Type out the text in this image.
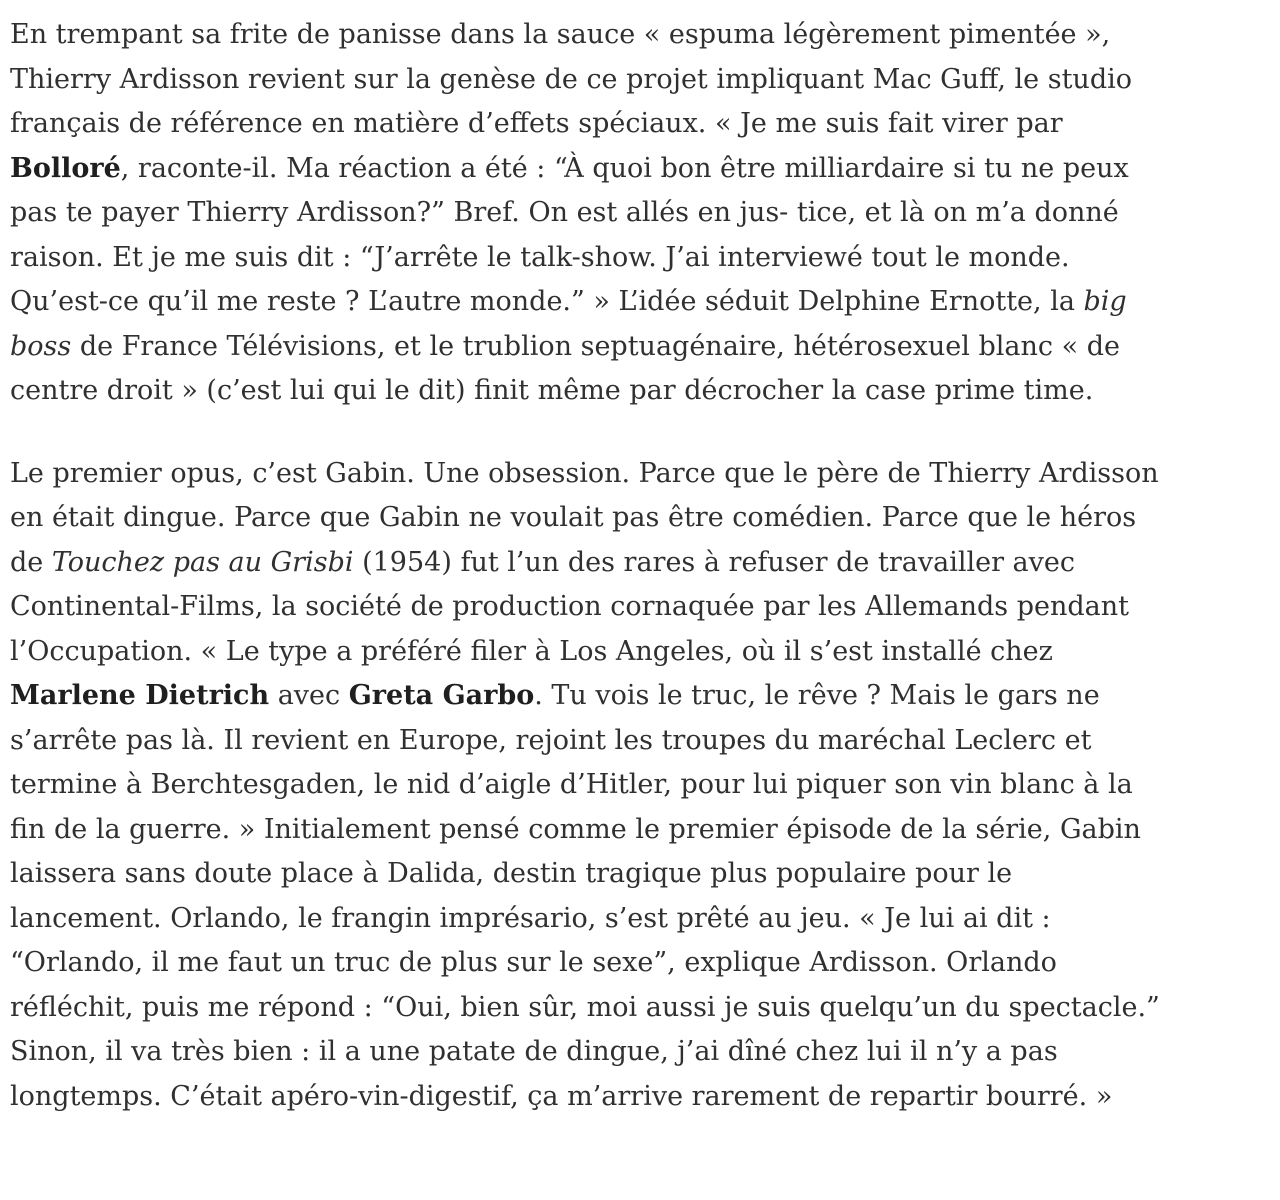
En trempant sa frite de panisse dans la sauce « espuma légèrement pimentée », Thierry Ardisson revient sur la genèse de ce projet impliquant Mac Guff, le studio français de référence en matière d’effets spéciaux. « Je me suis fait virer par Bolloré, raconte-il. Ma réaction a été : “À quoi bon être milliardaire si tu ne peux pas te payer Thierry Ardisson?” Bref. On est allés en jus- tice, et là on m’a donné raison. Et je me suis dit : “J’arrête le talk-show. J’ai interviewé tout le monde. Qu’est-ce qu’il me reste ? L’autre monde.” » L’idée séduit Delphine Ernotte, la big boss de France Télévisions, et le trublion septuagénaire, hétérosexuel blanc « de centre droit » (c’est lui qui le dit) finit même par décrocher la case prime time.

Le premier opus, c’est Gabin. Une obsession. Parce que le père de Thierry Ardisson en était dingue. Parce que Gabin ne voulait pas être comédien. Parce que le héros de Touchez pas au Grisbi (1954) fut l’un des rares à refuser de travailler avec Continental-Films, la société de production cornaquée par les Allemands pendant l’Occupation. « Le type a préféré filer à Los Angeles, où il s’est installé chez Marlene Dietrich avec Greta Garbo. Tu vois le truc, le rêve ? Mais le gars ne s’arrête pas là. Il revient en Europe, rejoint les troupes du maréchal Leclerc et termine à Berchtesgaden, le nid d’aigle d’Hitler, pour lui piquer son vin blanc à la fin de la guerre. » Initialement pensé comme le premier épisode de la série, Gabin laissera sans doute place à Dalida, destin tragique plus populaire pour le lancement. Orlando, le frangin imprésario, s’est prêté au jeu. « Je lui ai dit : “Orlando, il me faut un truc de plus sur le sexe”, explique Ardisson. Orlando réfléchit, puis me répond : “Oui, bien sûr, moi aussi je suis quelqu’un du spectacle.” Sinon, il va très bien : il a une patate de dingue, j’ai dîné chez lui il n’y a pas longtemps. C’était apéro-vin-digestif, ça m’arrive rarement de repartir bourré. »
